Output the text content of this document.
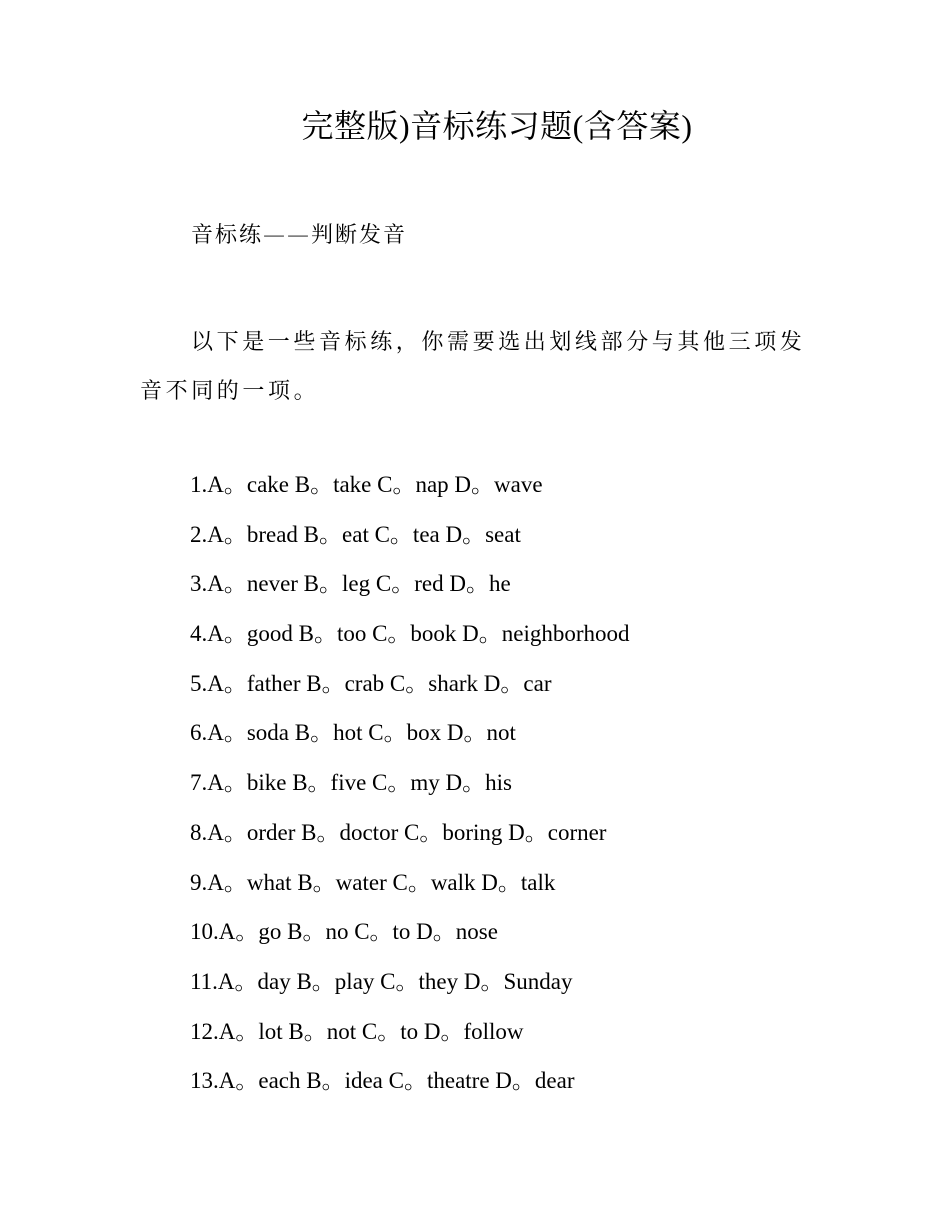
完整版)音标练习题(含答案)
音标练——判断发音
以下是一些音标练，你需要选出划线部分与其他三项发音不同的一项。
1.A。cake B。take C。nap D。wave
2.A。bread B。eat C。tea D。seat
3.A。never B。leg C。red D。he
4.A。good B。too C。book D。neighborhood
5.A。father B。crab C。shark D。car
6.A。soda B。hot C。box D。not
7.A。bike B。five C。my D。his
8.A。order B。doctor C。boring D。corner
9.A。what B。water C。walk D。talk
10.A。go B。no C。to D。nose
11.A。day B。play C。they D。Sunday
12.A。lot B。not C。to D。follow
13.A。each B。idea C。theatre D。dear
